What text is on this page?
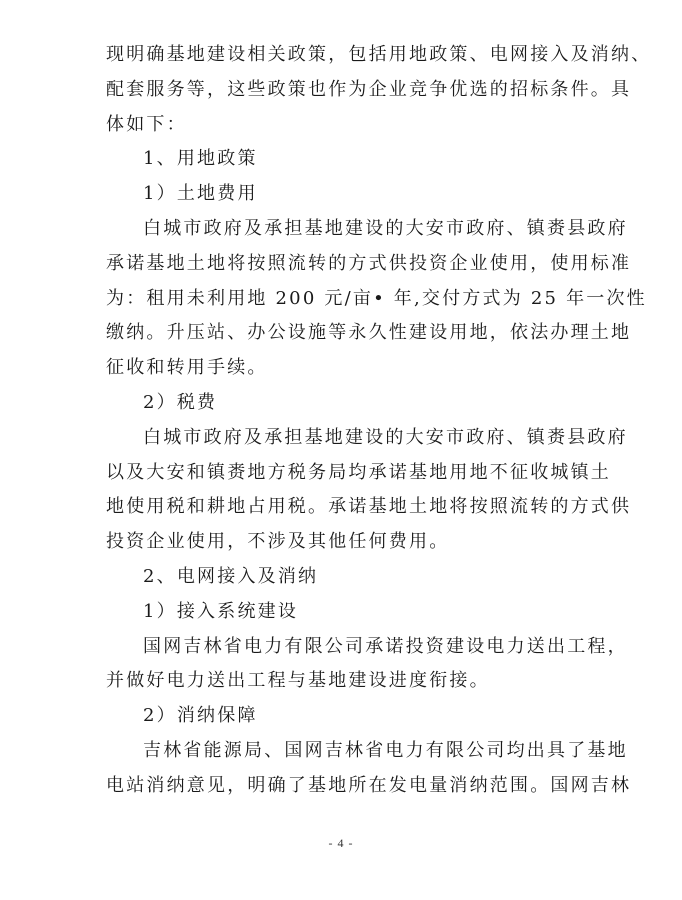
现明确基地建设相关政策，包括用地政策、电网接入及消纳、
配套服务等，这些政策也作为企业竞争优选的招标条件。具
体如下：
1、用地政策
1）土地费用
白城市政府及承担基地建设的大安市政府、镇赉县政府
承诺基地土地将按照流转的方式供投资企业使用，使用标准
为：租用未利用地 200 元/亩• 年,交付方式为 25 年一次性
缴纳。升压站、办公设施等永久性建设用地，依法办理土地
征收和转用手续。
2）税费
白城市政府及承担基地建设的大安市政府、镇赉县政府
以及大安和镇赉地方税务局均承诺基地用地不征收城镇土
地使用税和耕地占用税。承诺基地土地将按照流转的方式供
投资企业使用，不涉及其他任何费用。
2、电网接入及消纳
1）接入系统建设
国网吉林省电力有限公司承诺投资建设电力送出工程，
并做好电力送出工程与基地建设进度衔接。
2）消纳保障
吉林省能源局、国网吉林省电力有限公司均出具了基地
电站消纳意见，明确了基地所在发电量消纳范围。国网吉林
- 4 -
